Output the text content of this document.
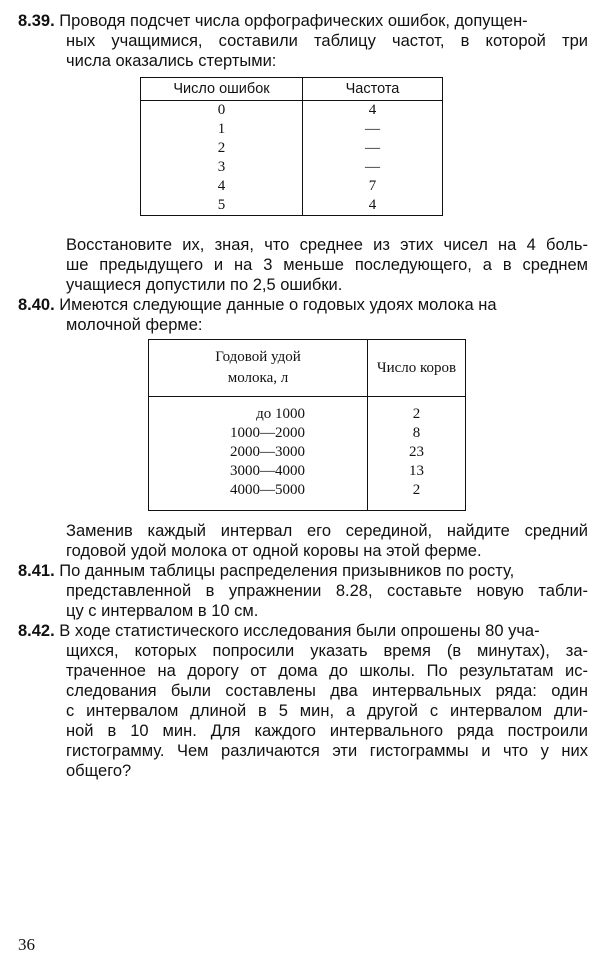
8.39. Проводя подсчет числа орфографических ошибок, допущен-
ных учащимися, составили таблицу частот, в которой три
числа оказались стертыми:
Число ошибок	Частота
0	4
1	—
2	—
3	—
4	7
5	4
Восстановите их, зная, что среднее из этих чисел на 4 боль-
ше предыдущего и на 3 меньше последующего, а в среднем
учащиеся допустили по 2,5 ошибки.
8.40. Имеются следующие данные о годовых удоях молока на
молочной ферме:
Годовой удой
молока, л	Число коров
до 1000	2
1000—2000	8
2000—3000	23
3000—4000	13
4000—5000	2
Заменив каждый интервал его серединой, найдите средний
годовой удой молока от одной коровы на этой ферме.
8.41. По данным таблицы распределения призывников по росту,
представленной в упражнении 8.28, составьте новую табли-
цу с интервалом в 10 см.
8.42. В ходе статистического исследования были опрошены 80 уча-
щихся, которых попросили указать время (в минутах), за-
траченное на дорогу от дома до школы. По результатам ис-
следования были составлены два интервальных ряда: один
с интервалом длиной в 5 мин, а другой с интервалом дли-
ной в 10 мин. Для каждого интервального ряда построили
гистограмму. Чем различаются эти гистограммы и что у них
общего?
36
